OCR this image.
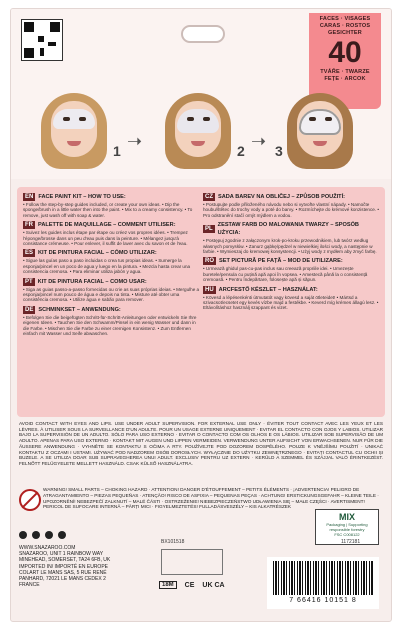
FACES · VISAGES
CARAS · ROSTOS
GESICHTER
40
TVÁŘE · TWARZE
FEȚE · ARCOK
1 ➝	2 ➝ 3
EN FACE PAINT KIT – HOW TO USE:

• Follow the step-by-step guides included, or create your own ideas. • Dip the sponge/brush in a little water then into the paint. • Mix to a creamy consistency. • To remove, just wash off with soap & water.

FR PALETTE DE MAQUILLAGE – COMMENT UTILISER:

• Suivez les guides inclus étape par étape ou créez vos propres idées. • Trempez l'éponge/brosse dans un peu d'eau puis dans la peinture. • Mélangez jusqu'à consistance crémeuse. • Pour enlever, il suffit de laver avec du savon et de l'eau.

ES KIT DE PINTURA FACIAL – CÓMO UTILIZAR:

• Sigue las guías paso a paso incluidas o crea tus propias ideas. • Sumerge la esponja/pincel en un poco de agua y luego en la pintura. • Mezcla hasta crear una consistencia cremosa. • Para eliminar utiliza jabón y agua.

PT KIT DE PINTURA FACIAL – COMO USAR:

• Siga as guias passo-a-passo fornecidas ou crie as suas próprias ideias. • Mergulhe a esponja/pincel num pouco de água e depois na tinta. • Misture até obter uma consistência cremosa. • Utilize água e sabão para remover.

DE SCHMINKSET – ANWENDUNG:

• Befolgen Sie die beigefügten Schritt-für-Schritt-Anleitungen oder entwickeln Sie Ihre eigenen Ideen. • Tauchen Sie den Schwamm/Pinsel in ein wenig Wasser und dann in die Farbe. • Mischen Sie die Farbe zu einer cremigen Konsistenz. • Zum Entfernen einfach mit Wasser und Seife abwaschen.

CZ SADA BAREV NA OBLIČEJ – ZPŮSOB POUŽITÍ:

• Postupujte podle přiloženého návodu nebo si vytvořte vlastní nápady. • Namočte houbu/štětec do trochy vody a poté do barvy. • Rozmíchejte do krémové konzistence. • Pro odstranění stačí omýt mýdlem a vodou.

PL
ZESTAW FARB DO MALOWANIA TWARZY – SPOSÓB UŻYCIA:

• Postępuj zgodnie z załączonym krok-po-kroku przewodnikiem, lub twórz według własnych pomysłów. • Zanurz gąbkę/pędzel w niewielkiej ilości wody, a następnie w farbie. • Wymieszaj do kremowej konsystencji. • Użyj wody z mydłem aby zmyć farbę.

RO SET PICTURĂ PE FAȚĂ – MOD DE UTILIZARE:

• Urmează ghidul pas-cu-pas inclus sau creează propriile idei. • Umezește buretele/pensula cu puțină apă apoi în vopsea. • Amestecă până la o consistență cremoasă. • Pentru îndepărtare, folosește apă și săpun.

HU ARCFESTŐ KÉSZLET – HASZNÁLAT:

• Kövesd a lépésenkénti útmutatót vagy kövesd a saját ötleteidet! • Mártsd a szivacsot/ecsetet egy kevés vízbe majd a festékbe. • Keverd míg krémes állagú lesz. • Eltávolításhoz használj szappant és vizet.

AVOID CONTACT WITH EYES AND LIPS. USE UNDER ADULT SUPERVISION. FOR EXTERNAL USE ONLY · ÉVITER TOUT CONTACT AVEC LES YEUX ET LES LÈVRES. À UTILISER SOUS LA SURVEILLANCE D'UN ADULTE. POUR UN USAGE EXTERNE UNIQUEMENT · EVITAR EL CONTACTO CON OJOS Y LABIOS. UTILIZAR BAJO LA SUPERVISIÓN DE UN ADULTO. SÓLO PARA USO EXTERNO · EVITAR O CONTACTO COM OS OLHOS E OS LÁBIOS. UTILIZAR SOB SUPERVISÃO DE UM ADULTO. APENAS PARA USO EXTERNO · KONTAKT MIT AUGEN UND LIPPEN VERMEIDEN. VERWENDUNG UNTER AUFSICHT VON ERWACHSENEN. NUR FÜR DIE ÄUSSERE ANWENDUNG · VYHNĚTE SE KONTAKTU S OČIMA A RTY. POUŽÍVEJTE POD DOZOREM DOSPĚLÉHO. POUZE K VNĚJŠÍMU POUŽITÍ · UNIKAĆ KONTAKTU Z OCZAMI I USTAMI. UŻYWAĆ POD NADZOREM OSÓB DOROSŁYCH. WYŁĄCZNIE DO UŻYTKU ZEWNĘTRZNEGO · EVITAȚI CONTACTUL CU OCHII ȘI BUZELE. A SE UTILIZA DOAR SUB SUPRAVEGHEREA UNUI ADULT. EXCLUSIV PENTRU UZ EXTERN · KERÜLD A SZEMMEL ÉS SZÁJJAL VALÓ ÉRINTKEZÉST. FELNŐTT FELÜGYELETE MELLETT HASZNÁLD. CSAK KÜLSŐ HASZNÁLATRA.
WARNING! SMALL PARTS – CHOKING HAZARD · ATTENTION! DANGER D'ÉTOUFFEMENT – PETITS ÉLÉMENTS · ¡ADVERTENCIA! PELIGRO DE ATRAGANTAMIENTO – PIEZAS PEQUEÑAS · ATENÇÃO! RISCO DE ASFIXIA – PEQUENAS PEÇAS · ACHTUNG! ERSTICKUNGSGEFAHR – KLEINE TEILE · UPOZORNĚNÍ! NEBEZPEČÍ ZALKNUTÍ – MALÉ ČÁSTI · OSTRZEŻENIE! NIEBEZPIECZEŃSTWO UDŁAWIENIA SIĘ – MAŁE CZĘŚCI · AVERTISMENT! PERICOL DE SUFOCARE INTERNĂ – PĂRȚI MICI · FIGYELMEZTETÉS! FULLADÁSVESZÉLY – KIS ALKATRÉSZEK
MIX
Packaging | Supporting responsible forestry
FSC C008122
WWW.SNAZAROO.COM
SNAZAROO, UNIT 1 RAINBOW WAY
MINEHEAD, SOMERSET, TA24 6FB, UK
IMPORTED IN/ IMPORTÉ EN EUROPE
COLART LE MANS SAS, 5 RUE RENÉ
PANHARD, 72021 LE MANS CEDEX 2
FRANCE
BX101518	1172181
18M	CE UK CA
7 66416 10151 8
